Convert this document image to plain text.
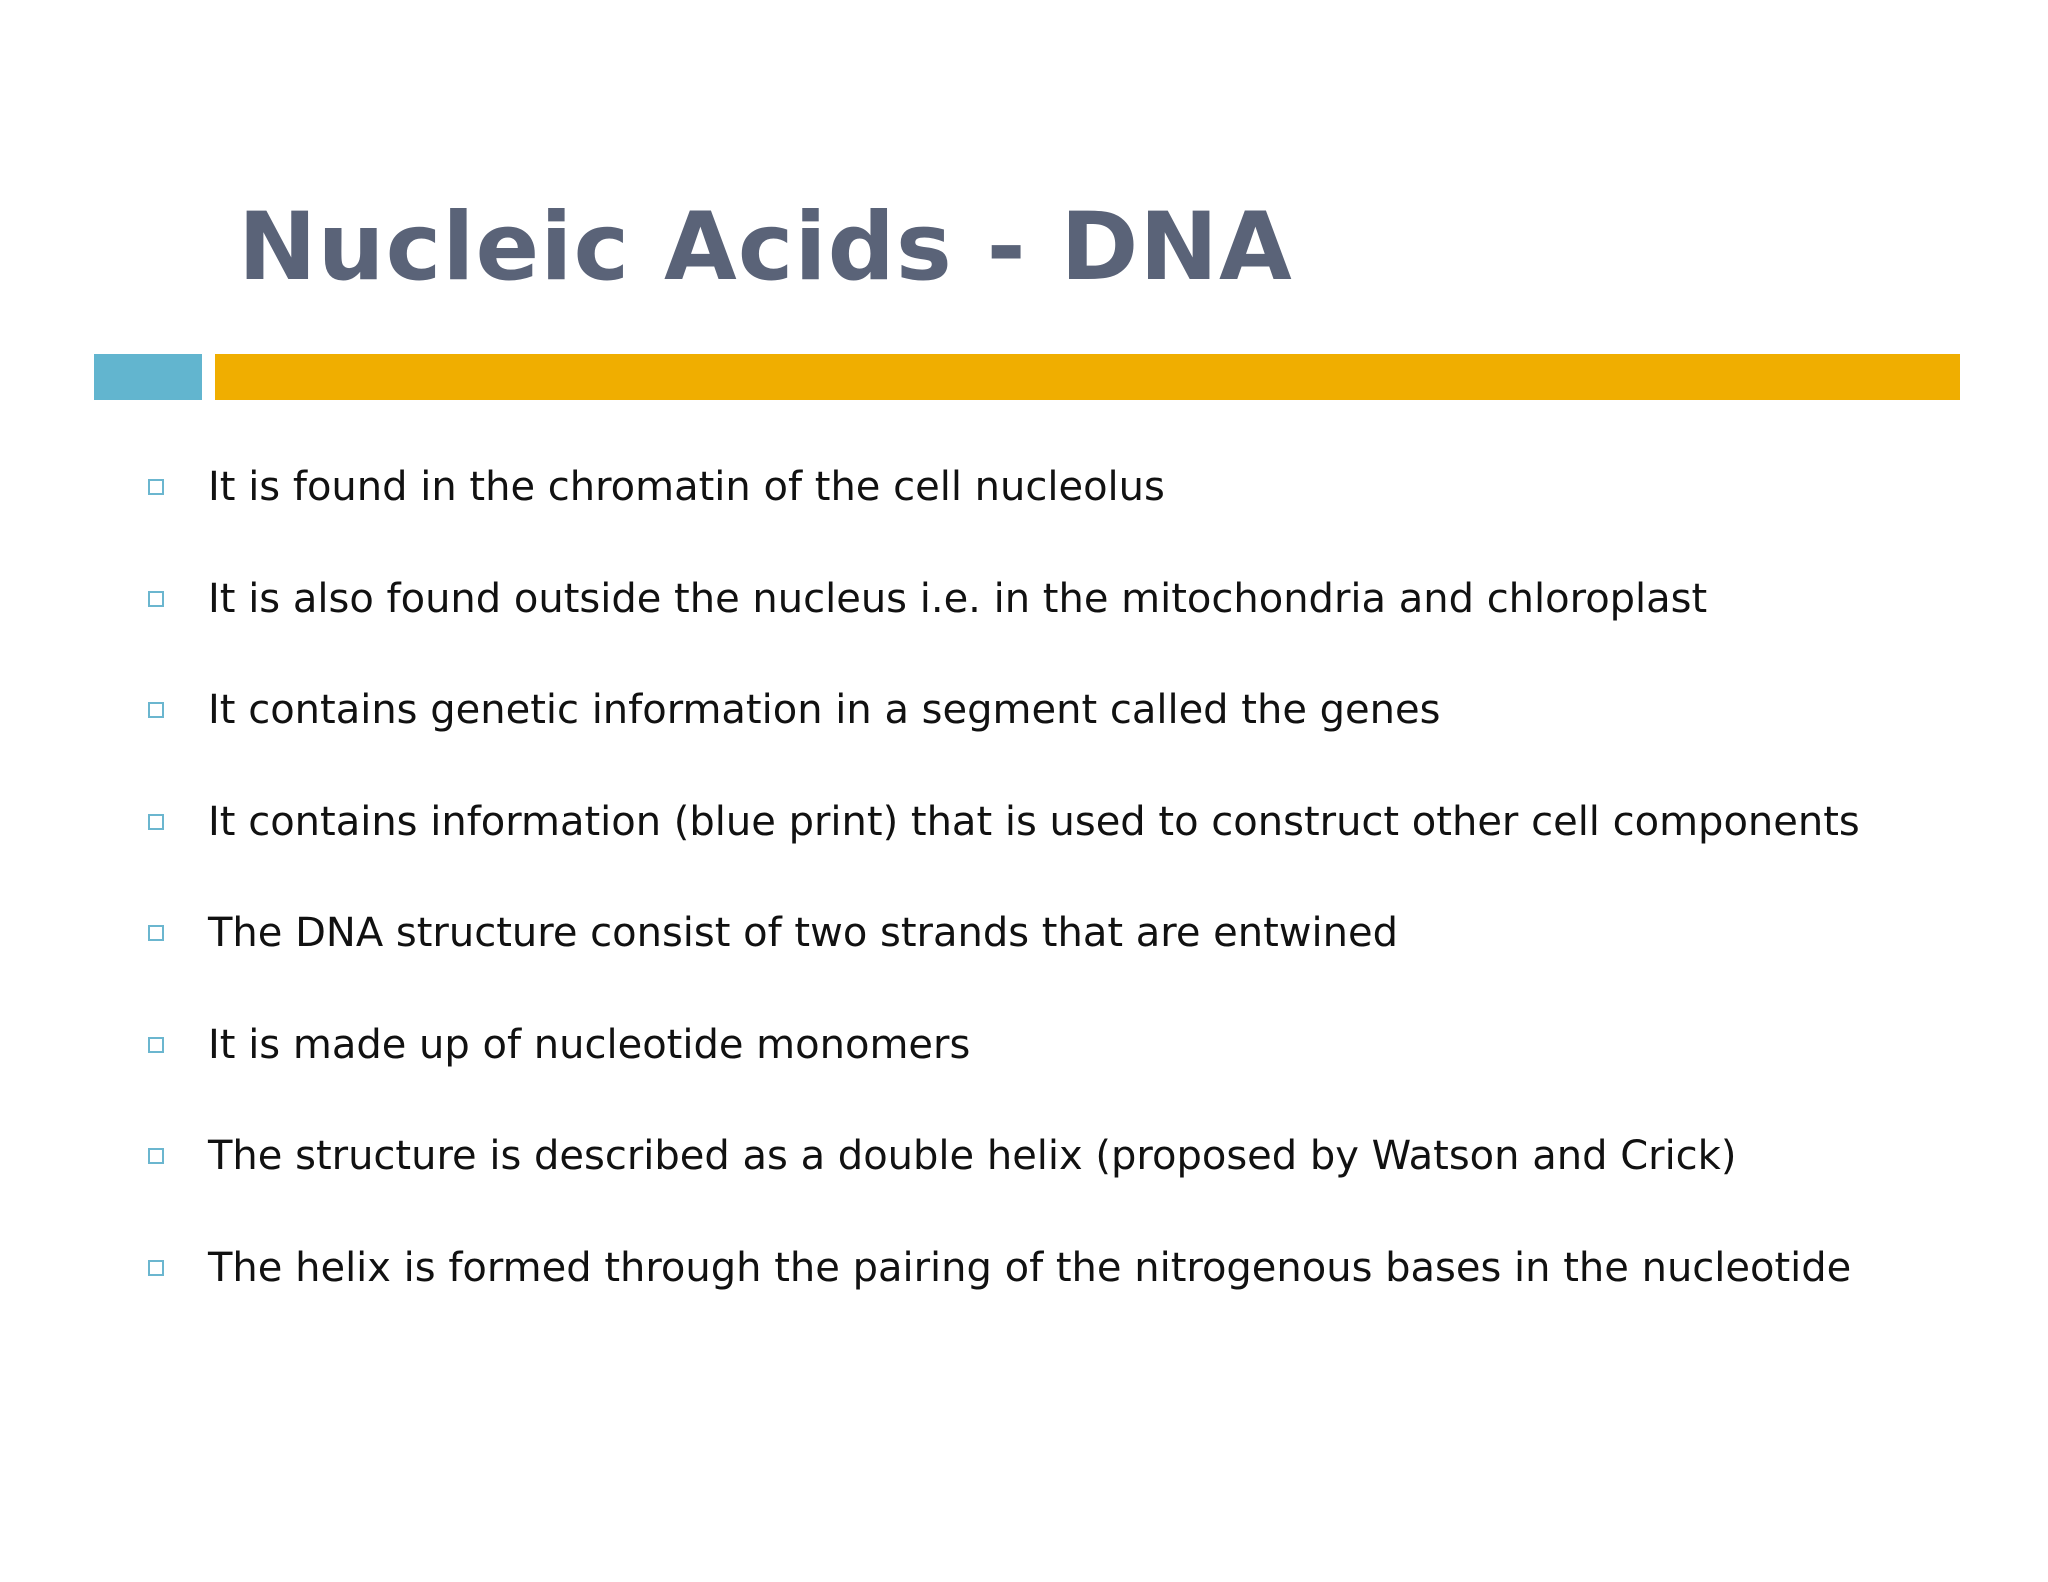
Nucleic Acids - DNA
It is found in the chromatin of the cell nucleolus
It is also found outside the nucleus i.e. in the mitochondria and chloroplast
It contains genetic information in a segment called the genes
It contains information (blue print) that is used to construct other cell components
The DNA structure consist of two strands that are entwined
It is made up of nucleotide monomers
The structure is described as a double helix (proposed by Watson and Crick)
The helix is formed through the pairing of the nitrogenous bases in the nucleotide
